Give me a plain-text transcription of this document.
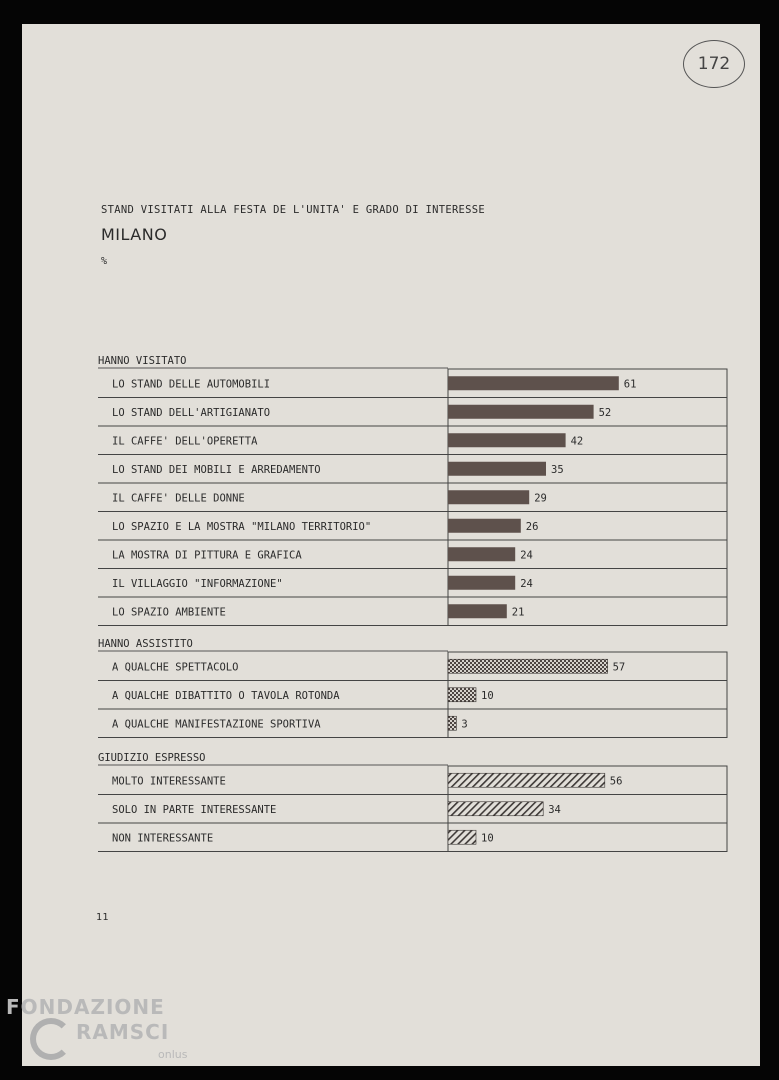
172
STAND VISITATI ALLA FESTA DE L'UNITA' E GRADO DI INTERESSE
MILANO
%
11
HANNO VISITATO
LO STAND DELLE AUTOMOBILI	61
LO STAND DELL'ARTIGIANATO	52
IL CAFFE' DELL'OPERETTA	42
LO STAND DEI MOBILI E ARREDAMENTO	35
IL CAFFE' DELLE DONNE	29
LO SPAZIO E LA MOSTRA "MILANO TERRITORIO"	26
LA MOSTRA DI PITTURA E GRAFICA	24
IL VILLAGGIO "INFORMAZIONE"	24
LO SPAZIO AMBIENTE	21
HANNO ASSISTITO
A QUALCHE SPETTACOLO	57
A QUALCHE DIBATTITO O TAVOLA ROTONDA	10
A QUALCHE MANIFESTAZIONE SPORTIVA	3
GIUDIZIO ESPRESSO
MOLTO INTERESSANTE	56
SOLO IN PARTE INTERESSANTE	34
NON INTERESSANTE	10
FONDAZIONE
RAMSCI
onlus
